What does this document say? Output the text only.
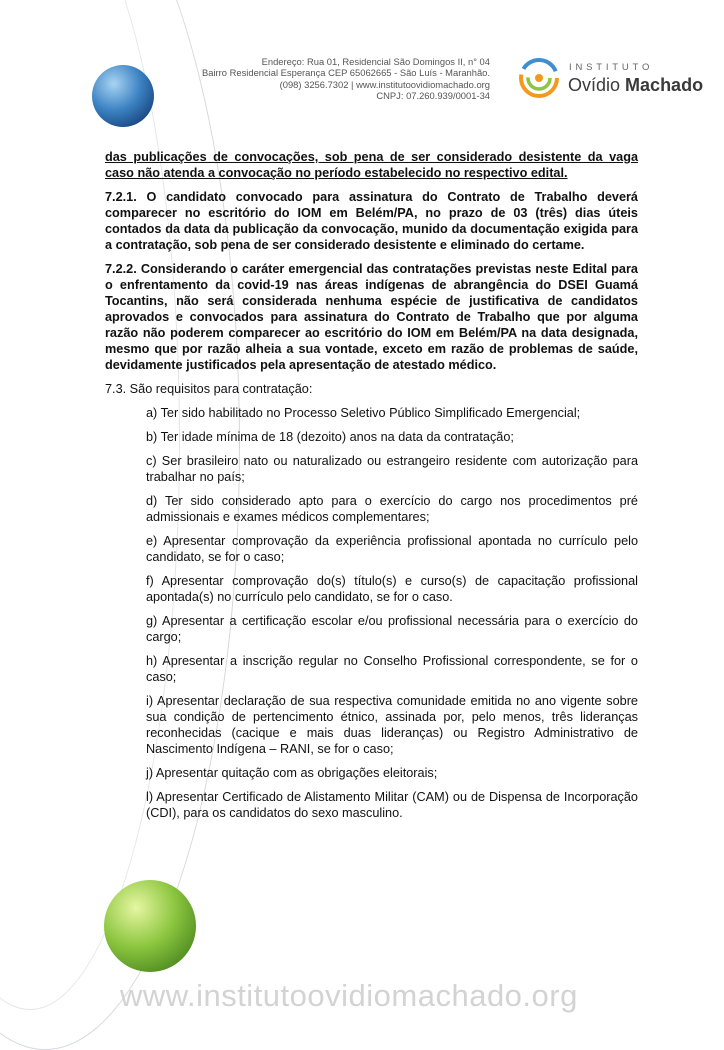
Endereço: Rua 01, Residencial São Domingos II, n° 04
Bairro Residencial Esperança CEP 65062665 - São Luís - Maranhão.
(098) 3256.7302 | www.institutoovidiomachado.org
CNPJ: 07.260.939/0001-34
INSTITUTO
Ovídio Machado

das publicações de convocações, sob pena de ser considerado desistente da vaga caso não atenda a convocação no período estabelecido no respectivo edital.

7.2.1. O candidato convocado para assinatura do Contrato de Trabalho deverá comparecer no escritório do IOM em Belém/PA, no prazo de 03 (três) dias úteis contados da data da publicação da convocação, munido da documentação exigida para a contratação, sob pena de ser considerado desistente e eliminado do certame.

7.2.2. Considerando o caráter emergencial das contratações previstas neste Edital para o enfrentamento da covid-19 nas áreas indígenas de abrangência do DSEI Guamá Tocantins, não será considerada nenhuma espécie de justificativa de candidatos aprovados e convocados para assinatura do Contrato de Trabalho que por alguma razão não poderem comparecer ao escritório do IOM em Belém/PA na data designada, mesmo que por razão alheia a sua vontade, exceto em razão de problemas de saúde, devidamente justificados pela apresentação de atestado médico.

7.3. São requisitos para contratação:

a) Ter sido habilitado no Processo Seletivo Público Simplificado Emergencial;

b) Ter idade mínima de 18 (dezoito) anos na data da contratação;

c) Ser brasileiro nato ou naturalizado ou estrangeiro residente com autorização para trabalhar no país;

d) Ter sido considerado apto para o exercício do cargo nos procedimentos pré admissionais e exames médicos complementares;

e) Apresentar comprovação da experiência profissional apontada no currículo pelo candidato, se for o caso;

f) Apresentar comprovação do(s) título(s) e curso(s) de capacitação profissional apontada(s) no currículo pelo candidato, se for o caso.

g) Apresentar a certificação escolar e/ou profissional necessária para o exercício do cargo;

h) Apresentar a inscrição regular no Conselho Profissional correspondente, se for o caso;

i) Apresentar declaração de sua respectiva comunidade emitida no ano vigente sobre sua condição de pertencimento étnico, assinada por, pelo menos, três lideranças reconhecidas (cacique e mais duas lideranças) ou Registro Administrativo de Nascimento Indígena – RANI, se for o caso;

j) Apresentar quitação com as obrigações eleitorais;

l) Apresentar Certificado de Alistamento Militar (CAM) ou de Dispensa de Incorporação (CDI), para os candidatos do sexo masculino.

www.institutoovidiomachado.org
